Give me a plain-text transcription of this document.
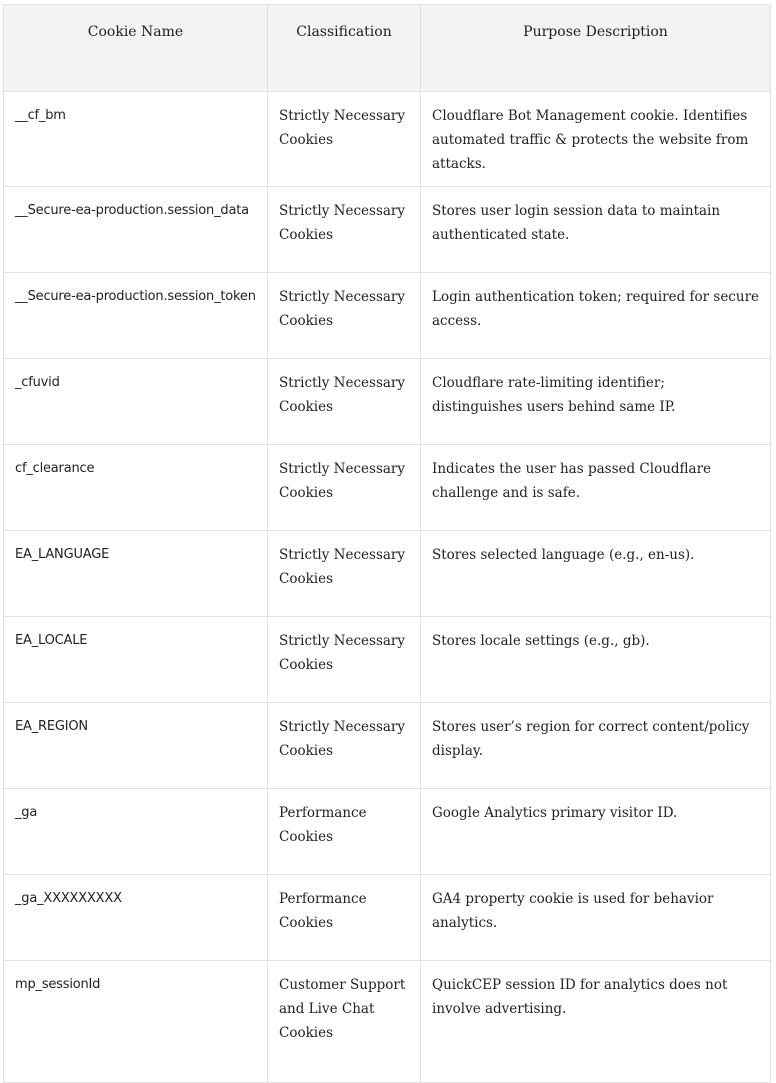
Cookie Name	Classification	Purpose Description
__cf_bm	Strictly Necessary Cookies	Cloudflare Bot Management cookie. Identifies automated traffic & protects the website from attacks.
__Secure-ea-production.session_data	Strictly Necessary Cookies	Stores user login session data to maintain authenticated state.
__Secure-ea-production.session_token	Strictly Necessary Cookies	Login authentication token; required for secure access.
_cfuvid	Strictly Necessary Cookies	Cloudflare rate-limiting identifier; distinguishes users behind same IP.
cf_clearance	Strictly Necessary Cookies	Indicates the user has passed Cloudflare challenge and is safe.
EA_LANGUAGE	Strictly Necessary Cookies	Stores selected language (e.g., en-us).
EA_LOCALE	Strictly Necessary Cookies	Stores locale settings (e.g., gb).
EA_REGION	Strictly Necessary Cookies	Stores user’s region for correct content/policy display.
_ga	Performance Cookies	Google Analytics primary visitor ID.
_ga_XXXXXXXXX	Performance Cookies	GA4 property cookie is used for behavior analytics.
mp_sessionId	Customer Support and Live Chat Cookies	QuickCEP session ID for analytics does not involve advertising.
